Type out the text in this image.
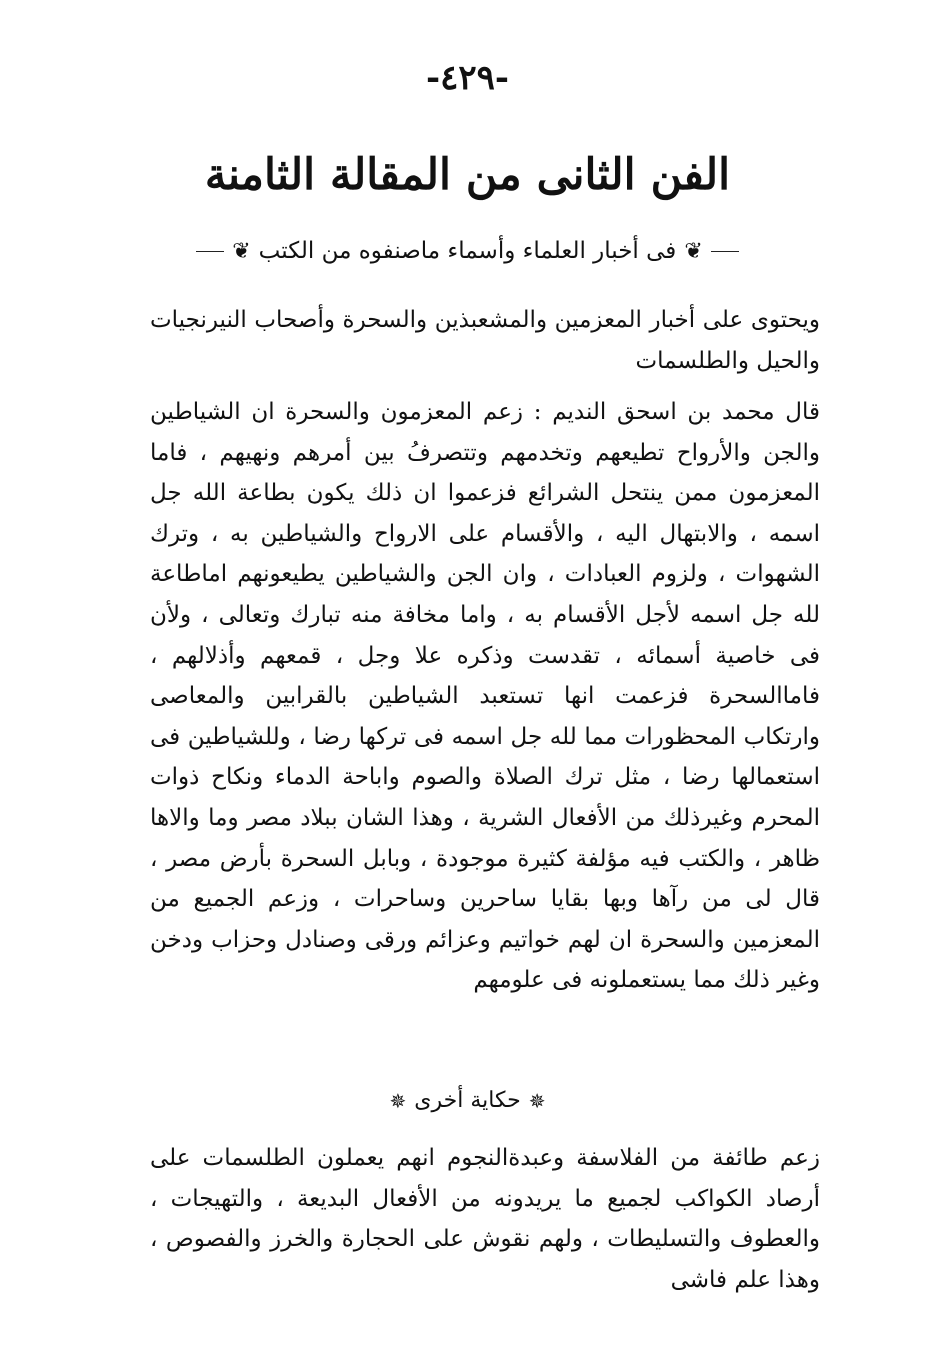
-٤٢٩-
الفن الثانى من المقالة الثامنة
❦ فى أخبار العلماء وأسماء ماصنفوه من الكتب ❦

ويحتوى على أخبار المعزمين والمشعبذين والسحرة وأصحاب النيرنجيات والحيل والطلسمات

قال محمد بن اسحق النديم : زعم المعزمون والسحرة ان الشياطين والجن والأرواح تطيعهم وتخدمهم وتتصرفُ بين أمرهم ونهيهم ، فاما المعزمون ممن ينتحل الشرائع فزعموا ان ذلك يكون بطاعة الله جل اسمه ، والابتهال اليه ، والأقسام على الارواح والشياطين به ، وترك الشهوات ، ولزوم العبادات ، وان الجن والشياطين يطيعونهم اماطاعة لله جل اسمه لأجل الأقسام به ، واما مخافة منه تبارك وتعالى ، ولأن فى خاصية أسمائه ، تقدست وذكره علا وجل ، قمعهم وأذلالهم ، فاماالسحرة فزعمت انها تستعبد الشياطين بالقرابين والمعاصى وارتكاب المحظورات مما لله جل اسمه فى تركها رضا ، وللشياطين فى استعمالها رضا ، مثل ترك الصلاة والصوم واباحة الدماء ونكاح ذوات المحرم وغيرذلك من الأفعال الشرية ، وهذا الشان ببلاد مصر وما والاها ظاهر ، والكتب فيه مؤلفة كثيرة موجودة ، وبابل السحرة بأرض مصر ، قال لى من رآها وبها بقايا ساحرين وساحرات ، وزعم الجميع من المعزمين والسحرة ان لهم خواتيم وعزائم ورقى وصنادل وحزاب ودخن وغير ذلك مما يستعملونه فى علومهم

✵ حكاية أخرى ✵

زعم طائفة من الفلاسفة وعبدةالنجوم انهم يعملون الطلسمات على أرصاد الكواكب لجميع ما يريدونه من الأفعال البديعة ، والتهيجات ، والعطوف والتسليطات ، ولهم نقوش على الحجارة والخرز والفصوص ، وهذا علم فاشى
